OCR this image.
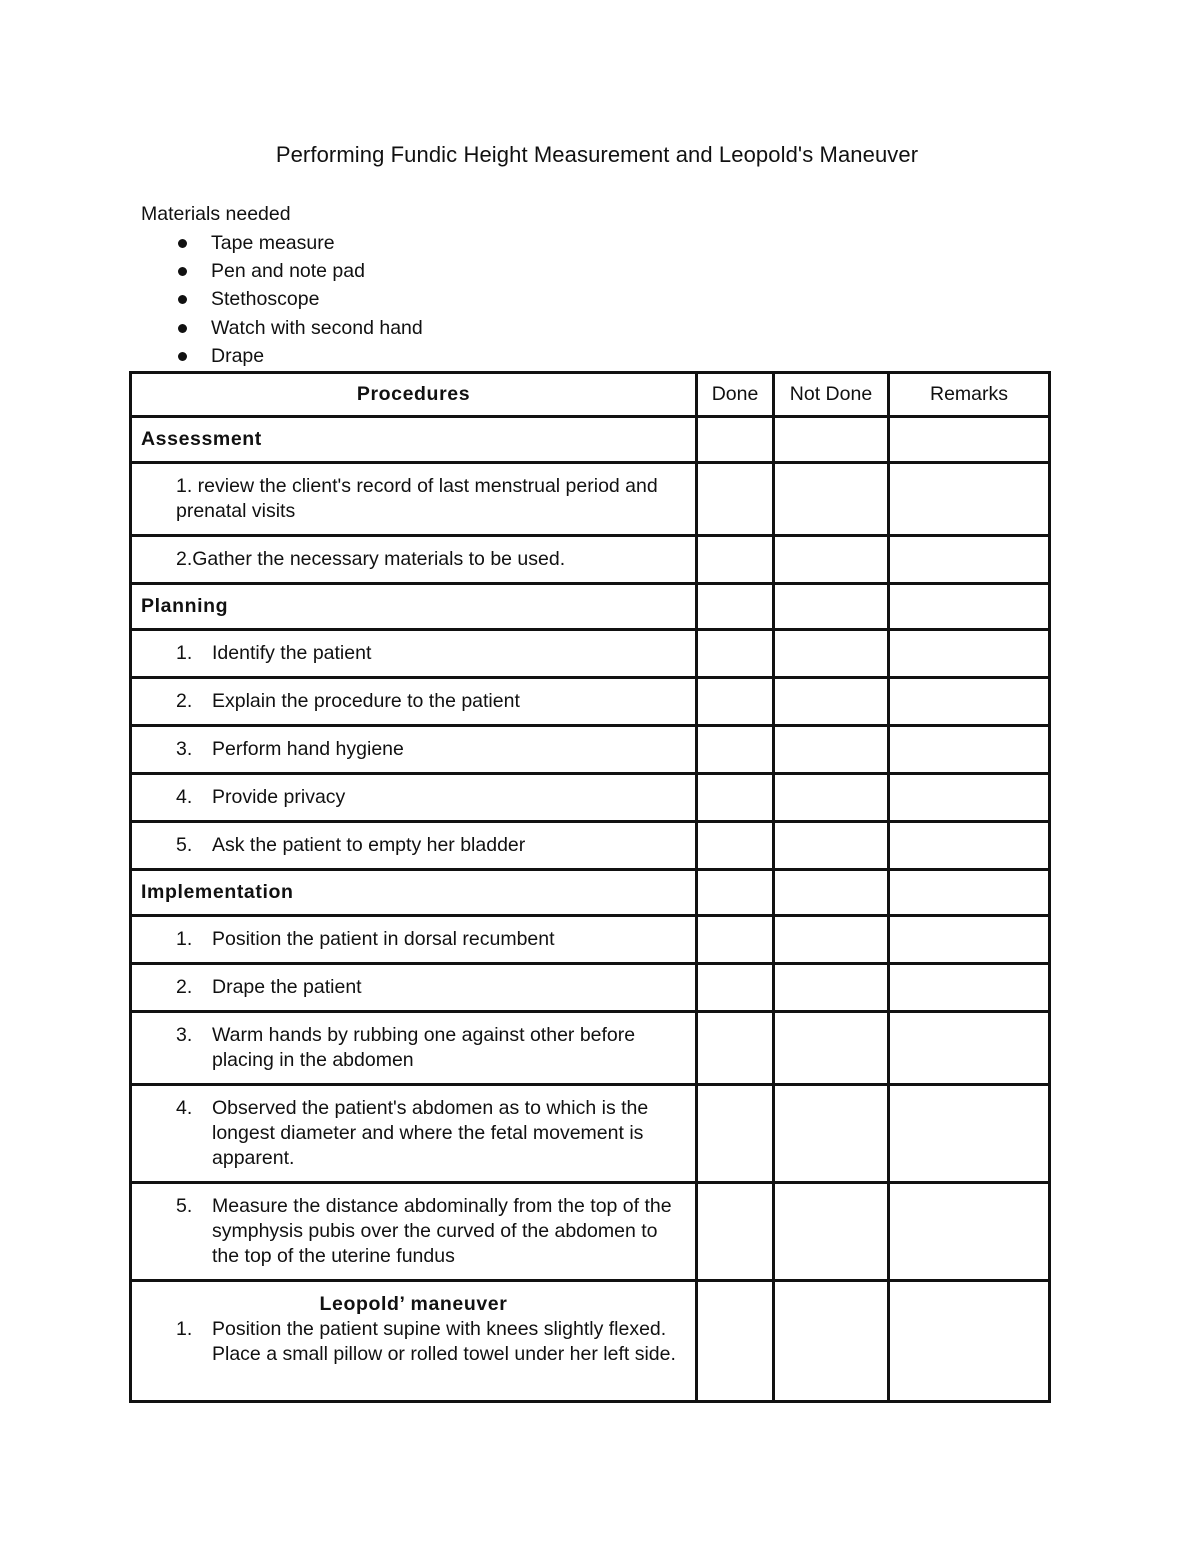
Performing Fundic Height Measurement and Leopold's Maneuver
Materials needed
Tape measure
Pen and note pad
Stethoscope
Watch with second hand
Drape
Procedures	Done	Not Done	Remarks
Assessment			

1. review the client's record of last menstrual period and prenatal visits			

2.Gather the necessary materials to be used.			

Planning			

1. Identify the patient			

2. Explain the procedure to the patient			

3. Perform hand hygiene			

4. Provide privacy			

5. Ask the patient to empty her bladder			

Implementation			

1. Position the patient in dorsal recumbent			

2. Drape the patient			

3. Warm hands by rubbing one against other before placing in the abdomen			

4. Observed the patient's abdomen as to which is the longest diameter and where the fetal movement is apparent.			

5. Measure the distance abdominally from the top of the symphysis pubis over the curved of the abdomen to the top of the uterine fundus			

Leopold’ maneuver
1. Position the patient supine with knees slightly flexed. Place a small pillow or rolled towel under her left side.			
